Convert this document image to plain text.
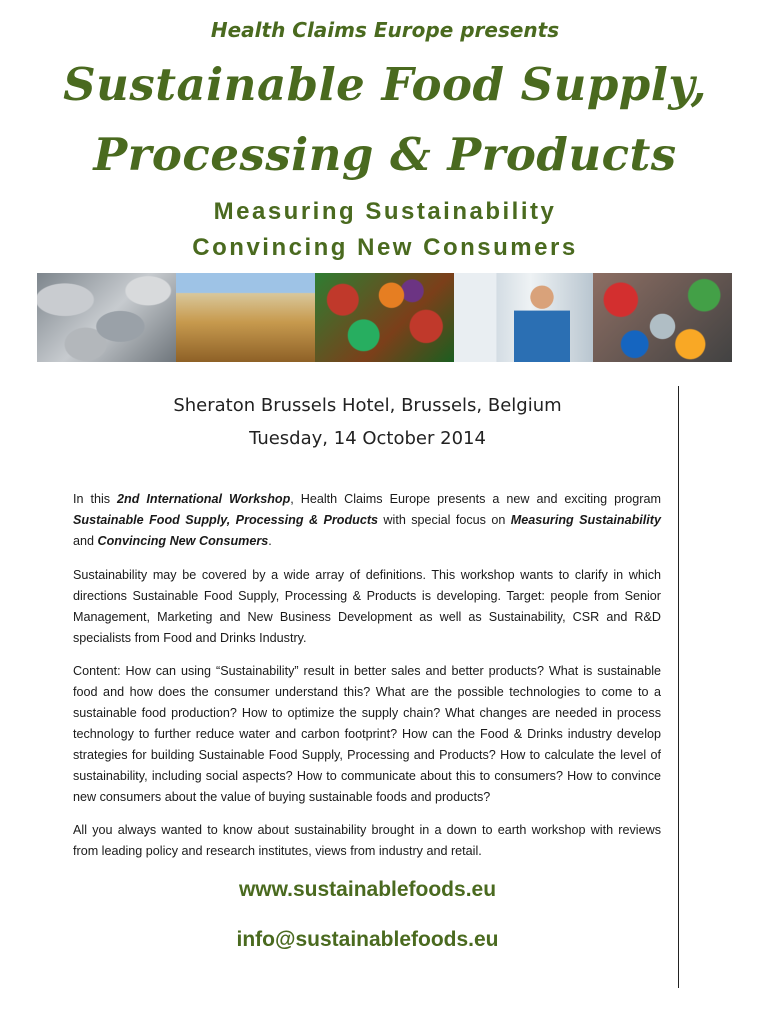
Health Claims Europe presents
Sustainable Food Supply,
Processing & Products
Measuring Sustainability
Convincing New Consumers
Sheraton Brussels Hotel, Brussels, Belgium
Tuesday, 14 October 2014
In this 2nd International Workshop, Health Claims Europe presents a new and exciting program Sustainable Food Supply, Processing & Products with special focus on Measuring Sustainability and Convincing New Consumers.
Sustainability may be covered by a wide array of definitions. This workshop wants to clarify in which directions Sustainable Food Supply, Processing & Products is developing. Target: people from Senior Management, Marketing and New Business Development as well as Sustainability, CSR and R&D specialists from Food and Drinks Industry.
Content: How can using “Sustainability” result in better sales and better products? What is sustainable food and how does the consumer understand this? What are the possible technologies to come to a sustainable food production? How to optimize the supply chain? What changes are needed in process technology to further reduce water and carbon footprint? How can the Food & Drinks industry develop strategies for building Sustainable Food Supply, Processing and Products? How to calculate the level of sustainability, including social aspects? How to communicate about this to consumers? How to convince new consumers about the value of buying sustainable foods and products?
All you always wanted to know about sustainability brought in a down to earth workshop with reviews from leading policy and research institutes, views from industry and retail.
www.sustainablefoods.eu
info@sustainablefoods.eu
